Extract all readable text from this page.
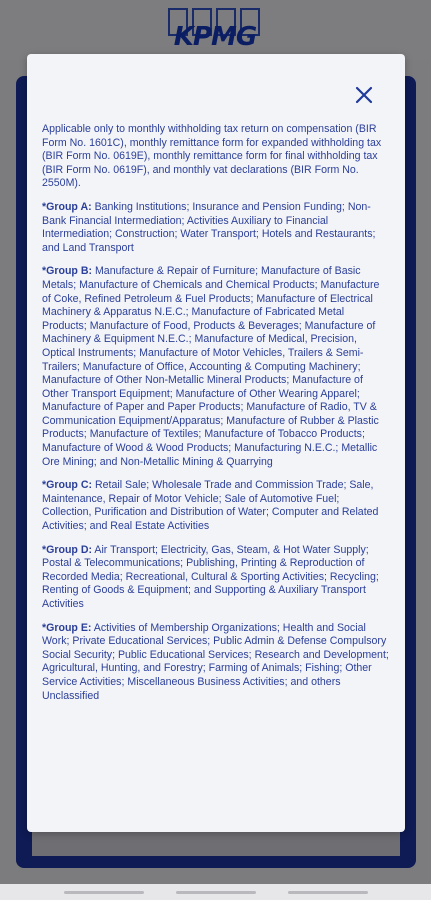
KPMG

Applicable only to monthly withholding tax return on compensation (BIR Form No. 1601C), monthly remittance form for expanded withholding tax (BIR Form No. 0619E), monthly remittance form for final withholding tax (BIR Form No. 0619F), and monthly vat declarations (BIR Form No. 2550M).

*Group A: Banking Institutions; Insurance and Pension Funding; Non-Bank Financial Intermediation; Activities Auxiliary to Financial Intermediation; Construction; Water Transport; Hotels and Restaurants; and Land Transport

*Group B: Manufacture & Repair of Furniture; Manufacture of Basic Metals; Manufacture of Chemicals and Chemical Products; Manufacture of Coke, Refined Petroleum & Fuel Products; Manufacture of Electrical Machinery & Apparatus N.E.C.; Manufacture of Fabricated Metal Products; Manufacture of Food, Products & Beverages; Manufacture of Machinery & Equipment N.E.C.; Manufacture of Medical, Precision, Optical Instruments; Manufacture of Motor Vehicles, Trailers & Semi-Trailers; Manufacture of Office, Accounting & Computing Machinery; Manufacture of Other Non-Metallic Mineral Products; Manufacture of Other Transport Equipment; Manufacture of Other Wearing Apparel; Manufacture of Paper and Paper Products; Manufacture of Radio, TV & Communication Equipment/Apparatus; Manufacture of Rubber & Plastic Products; Manufacture of Textiles; Manufacture of Tobacco Products; Manufacture of Wood & Wood Products; Manufacturing N.E.C.; Metallic Ore Mining; and Non-Metallic Mining & Quarrying

*Group C: Retail Sale; Wholesale Trade and Commission Trade; Sale, Maintenance, Repair of Motor Vehicle; Sale of Automotive Fuel; Collection, Purification and Distribution of Water; Computer and Related Activities; and Real Estate Activities

*Group D: Air Transport; Electricity, Gas, Steam, & Hot Water Supply; Postal & Telecommunications; Publishing, Printing & Reproduction of Recorded Media; Recreational, Cultural & Sporting Activities; Recycling; Renting of Goods & Equipment; and Supporting & Auxiliary Transport Activities

*Group E: Activities of Membership Organizations; Health and Social Work; Private Educational Services; Public Admin & Defense Compulsory Social Security; Public Educational Services; Research and Development; Agricultural, Hunting, and Forestry; Farming of Animals; Fishing; Other Service Activities; Miscellaneous Business Activities; and others Unclassified
